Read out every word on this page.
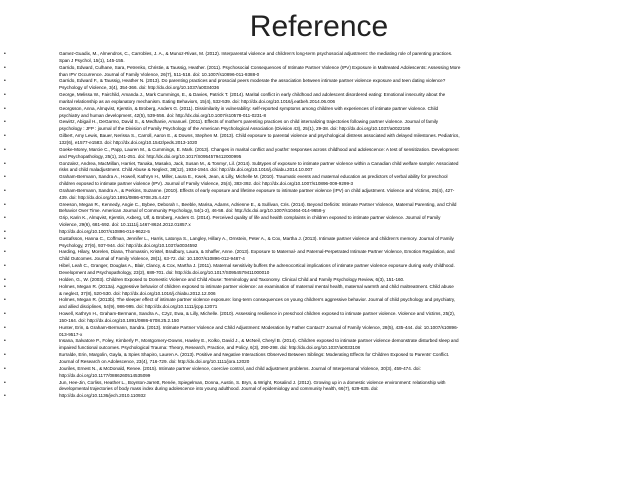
Reference
• Gamez-Guadix, M., Almendros, C., Carrobles, J. A., & Munoz-Rivas, M. (2012). Interparental violence and children's long-term psychosocial adjustment: the mediating role of parenting practices.
Span J Psychol, 15(1), 145-155.
• Garrido, Edward, Culhane, Sara, Petrenko, Christie, & Taussig, Heather. (2011). Psychosocial Consequences of Intimate Partner Violence (IPV) Exposure in Maltreated Adolescents: Assessing More
than IPV Occurrence. Journal of Family Violence, 26(7), 511-518. doi: 10.1007/s10896-011-9388-0
• Garrido, Edward F., & Taussig, Heather N. (2013). Do parenting practices and prosocial peers moderate the association between intimate partner violence exposure and teen dating violence?
Psychology of Violence, 3(4), 354-366. doi: http://dx.doi.org/10.1037/a0034036
• George, Melissa W., Fairchild, Amanda J., Mark Cummings, E., & Davies, Patrick T. (2014). Marital conflict in early childhood and adolescent disordered eating: Emotional insecurity about the
marital relationship as an explanatory mechanism. Eating Behaviors, 15(4), 532-539. doi: http://dx.doi.org/10.1016/j.eatbeh.2014.06.006
• Georgsson, Anna, Almqvist, Kjerstin, & Broberg, Anders G. (2011). Dissimilarity in vulnerability: self-reported symptoms among children with experiences of intimate partner violence. Child
psychiatry and human development, 42(5), 539-556. doi: http://dx.doi.org/10.1007/s10578-011-0231-8
• Gewirtz, Abigail H., DeGarmo, David S., & Medhanie, Amanuel. (2011). Effects of mother's parenting practices on child internalizing trajectories following partner violence. Journal of family
psychology : JFP : journal of the Division of Family Psychology of the American Psychological Association (Division 43), 25(1), 29-38. doi: http://dx.doi.org/10.1037/a0022195
• Gilbert, Amy Lewis, Bauer, Nerissa S., Carroll, Aaron E., & Downs, Stephen M. (2013). Child exposure to parental violence and psychological distress associated with delayed milestones. Pediatrics,
132(6), e1577-e1583. doi: http://dx.doi.org/10.1542/peds.2013-1020
• Goeke-Morey, Marcie C., Papp, Lauren M., & Cummings, E. Mark. (2013). Changes in marital conflict and youths' responses across childhood and adolescence: A test of sensitization. Development
and Psychopathology, 25(1), 241-251. doi: http://dx.doi.org/10.1017/S0954579412000995
• Gonzalez, Andrea, MacMillan, Harriet, Tanaka, Masako, Jack, Susan M., & Tonmyr, Lil. (2014). Subtypes of exposure to intimate partner violence within a Canadian child welfare sample: Associated
risks and child maladjustment. Child Abuse & Neglect, 38(12), 1934-1944. doi: http://dx.doi.org/10.1016/j.chiabu.2014.10.007
• Graham-Bermann, Sandra A., Howell, Kathryn H., Miller, Laura E., Kwek, Jean, & Lilly, Michelle M. (2010). Traumatic events and maternal education as predictors of verbal ability for preschool
children exposed to intimate partner violence (IPV). Journal of Family Violence, 25(4), 383-392. doi: http://dx.doi.org/10.1007/s10896-009-9299-3
• Graham-Bermann, Sandra A., & Perkins, Suzanne. (2010). Effects of early exposure and lifetime exposure to intimate partner violence (IPV) on child adjustment. Violence and Victims, 25(4), 427-
439. doi: http://dx.doi.org/10.1891/0886-6708.25.4.427
• Greeson, Megan R., Kennedy, Angie C., Bybee, Deborah I., Beeble, Marisa, Adams, Adrienne E., & Sullivan, Cris. (2014). Beyond Deficits: Intimate Partner Violence, Maternal Parenting, and Child
Behavior Over Time. American Journal of Community Psychology, 54(1-2), 46-58. doi: http://dx.doi.org/10.1007/s10464-014-9658-y
• Grip, Karin K., Almqvist, Kjerstin, Axberg, Ulf, & Broberg, Anders G. (2014). Perceived quality of life and health complaints in children exposed to intimate partner violence. Journal of Family
Violence, 29(6), 681-692. doi: 10.1111/j.1467-8624.2012.01857.x
• http://dx.doi.org/10.1007/s10896-014-9622-5
• Gustafsson, Hanna C., Coffman, Jennifer L., Harris, Latonya S., Langley, Hillary A., Ornstein, Peter A., & Cox, Martha J. (2013). Intimate partner violence and children's memory. Journal of Family
Psychology, 27(6), 937-944. doi: http://dx.doi.org/10.1037/a0034592
• Harding, Hilary, Morelen, Diana, Thomassin, Kristel, Bradbury, Laura, & Shaffer, Anne. (2013). Exposure to Maternal- and Paternal-Perpetrated Intimate Partner Violence, Emotion Regulation, and
Child Outcomes. Journal of Family Violence, 28(1), 63-72. doi: 10.1007/s10896-012-9487-4
• Hibel, Leah C., Granger, Douglas A., Blair, Clancy, & Cox, Martha J. (2011). Maternal sensitivity buffers the adrenocortical implications of intimate partner violence exposure during early childhood.
Development and Psychopathology, 23(2), 689-701. doi: http://dx.doi.org/10.1017/S0954579411000010
• Holden, G., W. (2003). Children Exposed to Domestic Violence and Child Abuse: Terminology and Taxonomy. Clinical Child and Family Psychology Review, 6(3), 151-160.
• Holmes, Megan R. (2013a). Aggressive behavior of children exposed to intimate partner violence: an examination of maternal mental health, maternal warmth and child maltreatment. Child abuse
& neglect, 37(8), 520-530. doi: http://dx.doi.org/10.1016/j.chiabu.2012.12.006
• Holmes, Megan R. (2013b). The sleeper effect of intimate partner violence exposure: long-term consequences on young children's aggressive behavior. Journal of child psychology and psychiatry,
and allied disciplines, 54(9), 986-995. doi: http://dx.doi.org/10.1111/jcpp.12071
• Howell, Kathryn H., Graham-Bermann, Sandra A., Czyz, Ewa, & Lilly, Michelle. (2010). Assessing resilience in preschool children exposed to intimate partner violence. Violence and Victims, 25(2),
150-164. doi: http://dx.doi.org/10.1891/0886-6708.25.2.150
• Hunter, Erin, & Graham-Bermann, Sandra. (2013). Intimate Partner Violence and Child Adjustment: Moderation by Father Contact? Journal of Family Violence, 28(5), 435-444. doi: 10.1007/s10896-
013-9517-x
• Insana, Salvatore P., Foley, Kimberly P., Montgomery-Downs, Hawley E., Kolko, David J., & McNeil, Cheryl B. (2014). Children exposed to intimate partner violence demonstrate disturbed sleep and
impaired functional outcomes. Psychological Trauma: Theory, Research, Practice, and Policy, 6(3), 290-298. doi: http://dx.doi.org/10.1037/a0033108
• Iturralde, Erin, Margolin, Gayla, & Spies Shapiro, Lauren A. (2013). Positive and Negative Interactions Observed Between Siblings: Moderating Effects for Children Exposed to Parents' Conflict.
Journal of Research on Adolescence, 23(4), 716-729. doi: http://dx.doi.org/10.1111/jora.12020
• Jouriles, Ernest N., & McDonald, Renee. (2015). Intimate partner violence, coercive control, and child adjustment problems. Journal of Interpersonal Violence, 30(3), 459-474. doi:
http://dx.doi.org/10.1177/0886260514535099
• Jun, Hee-Jin, Corliss, Heather L., Boynton-Jarrett, Renée, Spiegelman, Donna, Austin, S. Bryn, & Wright, Rosalind J. (2012). Growing up in a domestic violence environment: relationship with
developmental trajectories of body mass index during adolescence into young adulthood. Journal of epidemiology and community health, 66(7), 629-635. doi:
• http://dx.doi.org/10.1136/jech.2010.110932
